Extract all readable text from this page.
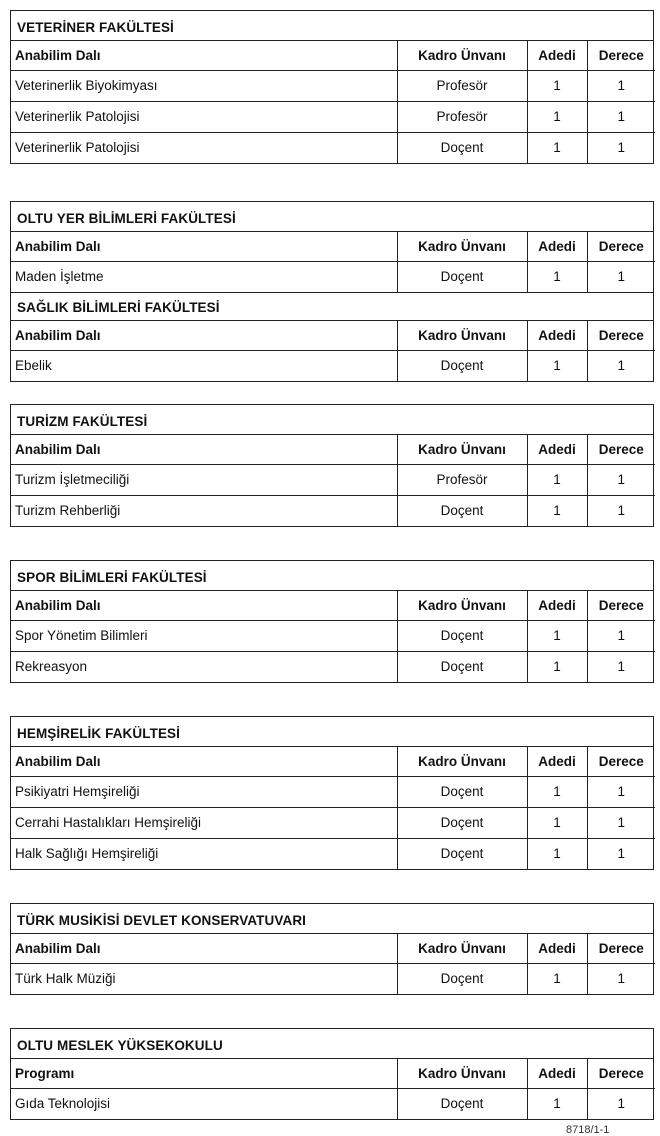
VETERİNER FAKÜLTESİ
Anabilim Dalı	Kadro Ünvanı	Adedi	Derece
Veterinerlik Biyokimyası	Profesör	1	1
Veterinerlik Patolojisi	Profesör	1	1
Veterinerlik Patolojisi	Doçent	1	1
OLTU YER BİLİMLERİ FAKÜLTESİ
Anabilim Dalı	Kadro Ünvanı	Adedi	Derece
Maden İşletme	Doçent	1	1
SAĞLIK BİLİMLERİ FAKÜLTESİ
Anabilim Dalı	Kadro Ünvanı	Adedi	Derece
Ebelik	Doçent	1	1
TURİZM FAKÜLTESİ
Anabilim Dalı	Kadro Ünvanı	Adedi	Derece
Turizm İşletmeciliği	Profesör	1	1
Turizm Rehberliği	Doçent	1	1
SPOR BİLİMLERİ FAKÜLTESİ
Anabilim Dalı	Kadro Ünvanı	Adedi	Derece
Spor Yönetim Bilimleri	Doçent	1	1
Rekreasyon	Doçent	1	1
HEMŞİRELİK FAKÜLTESİ
Anabilim Dalı	Kadro Ünvanı	Adedi	Derece
Psikiyatri Hemşireliği	Doçent	1	1
Cerrahi Hastalıkları Hemşireliği	Doçent	1	1
Halk Sağlığı Hemşireliği	Doçent	1	1
TÜRK MUSİKİSİ DEVLET KONSERVATUVARI
Anabilim Dalı	Kadro Ünvanı	Adedi	Derece
Türk Halk Müziği	Doçent	1	1
OLTU MESLEK YÜKSEKOKULU
Programı	Kadro Ünvanı	Adedi	Derece
Gıda Teknolojisi	Doçent	1	1
8718/1-1
